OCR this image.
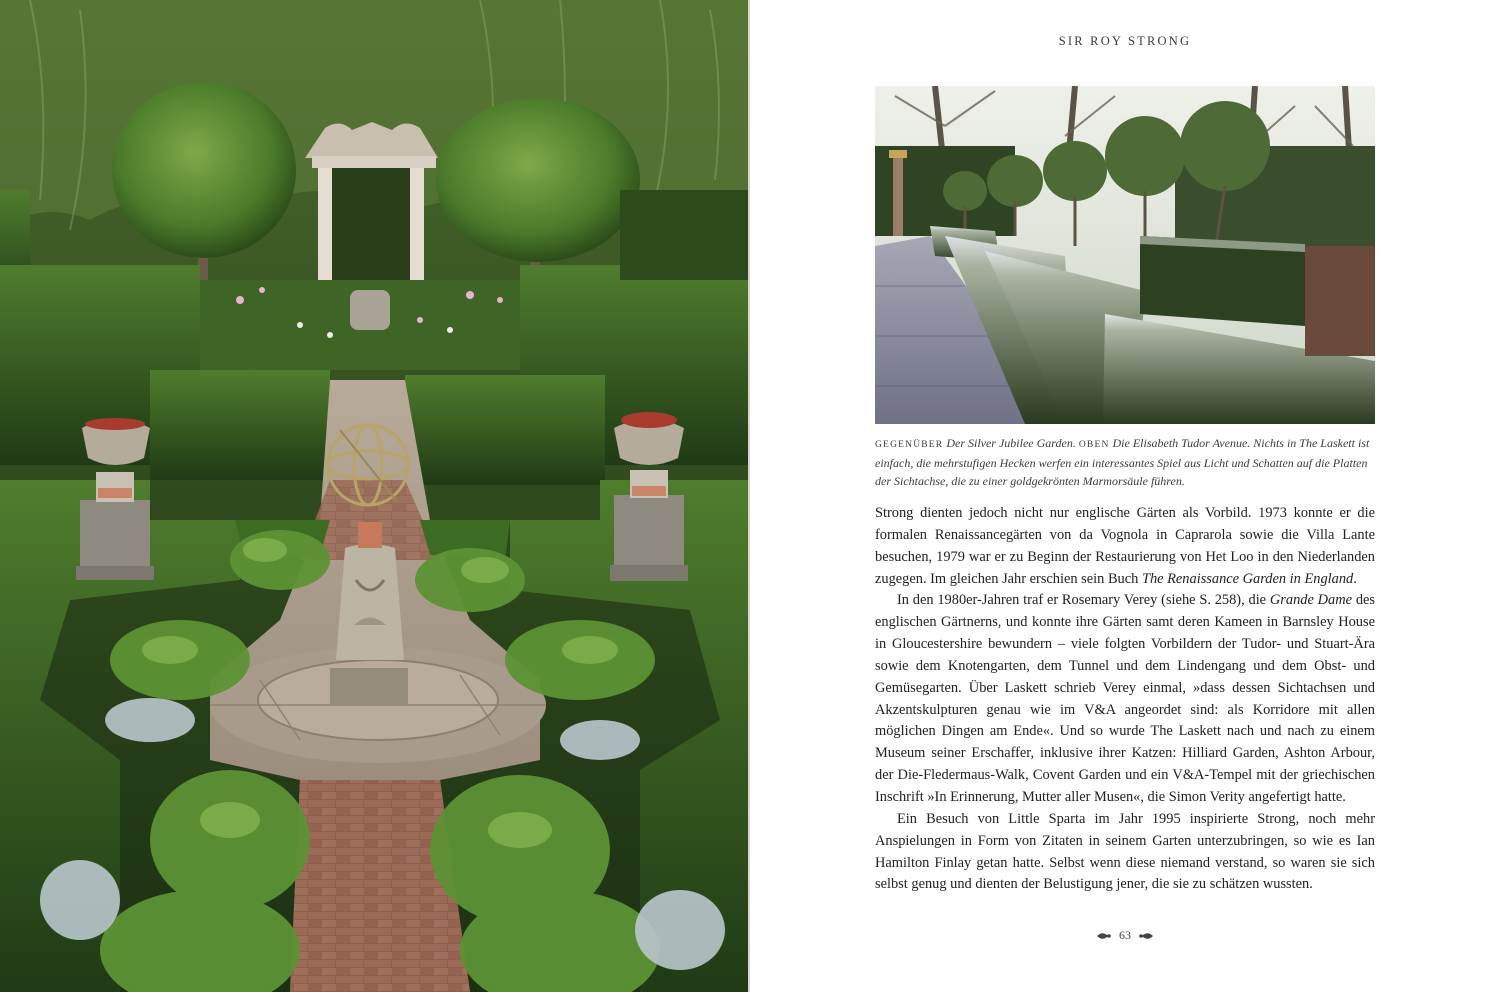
SIR ROY STRONG
GEGENÜBER Der Silver Jubilee Garden. OBEN Die Elisabeth Tudor Avenue. Nichts in The Laskett ist einfach, die mehrstufigen Hecken werfen ein interessantes Spiel aus Licht und Schatten auf die Platten der Sichtachse, die zu einer goldgekrönten Marmorsäule führen.

Strong dienten jedoch nicht nur englische Gärten als Vorbild. 1973 konnte er die formalen Renaissancegärten von da Vognola in Caprarola sowie die Villa Lante besuchen, 1979 war er zu Beginn der Restaurierung von Het Loo in den Niederlanden zugegen. Im gleichen Jahr erschien sein Buch The Renaissance Garden in England.

In den 1980er-Jahren traf er Rosemary Verey (siehe S. 258), die Grande Dame des englischen Gärtnerns, und konnte ihre Gärten samt deren Kameen in Barnsley House in Gloucestershire bewundern – viele folgten Vorbildern der Tudor- und Stuart-Ära sowie dem Knotengarten, dem Tunnel und dem Lindengang und dem Obst- und Gemüsegarten. Über Laskett schrieb Verey einmal, »dass dessen Sichtachsen und Akzentskulpturen genau wie im V&A angeordet sind: als Korridore mit allen möglichen Dingen am Ende«. Und so wurde The Laskett nach und nach zu einem Museum seiner Erschaffer, inklusive ihrer Katzen: Hilliard Garden, Ashton Arbour, der Die-Fledermaus-Walk, Covent Garden und ein V&A-Tempel mit der griechischen Inschrift »In Erinnerung, Mutter aller Musen«, die Simon Verity angefertigt hatte.

Ein Besuch von Little Sparta im Jahr 1995 inspirierte Strong, noch mehr Anspielungen in Form von Zitaten in seinem Garten unterzubringen, so wie es Ian Hamilton Finlay getan hatte. Selbst wenn diese niemand verstand, so waren sie sich selbst genug und dienten der Belustigung jener, die sie zu schätzen wussten.

63
